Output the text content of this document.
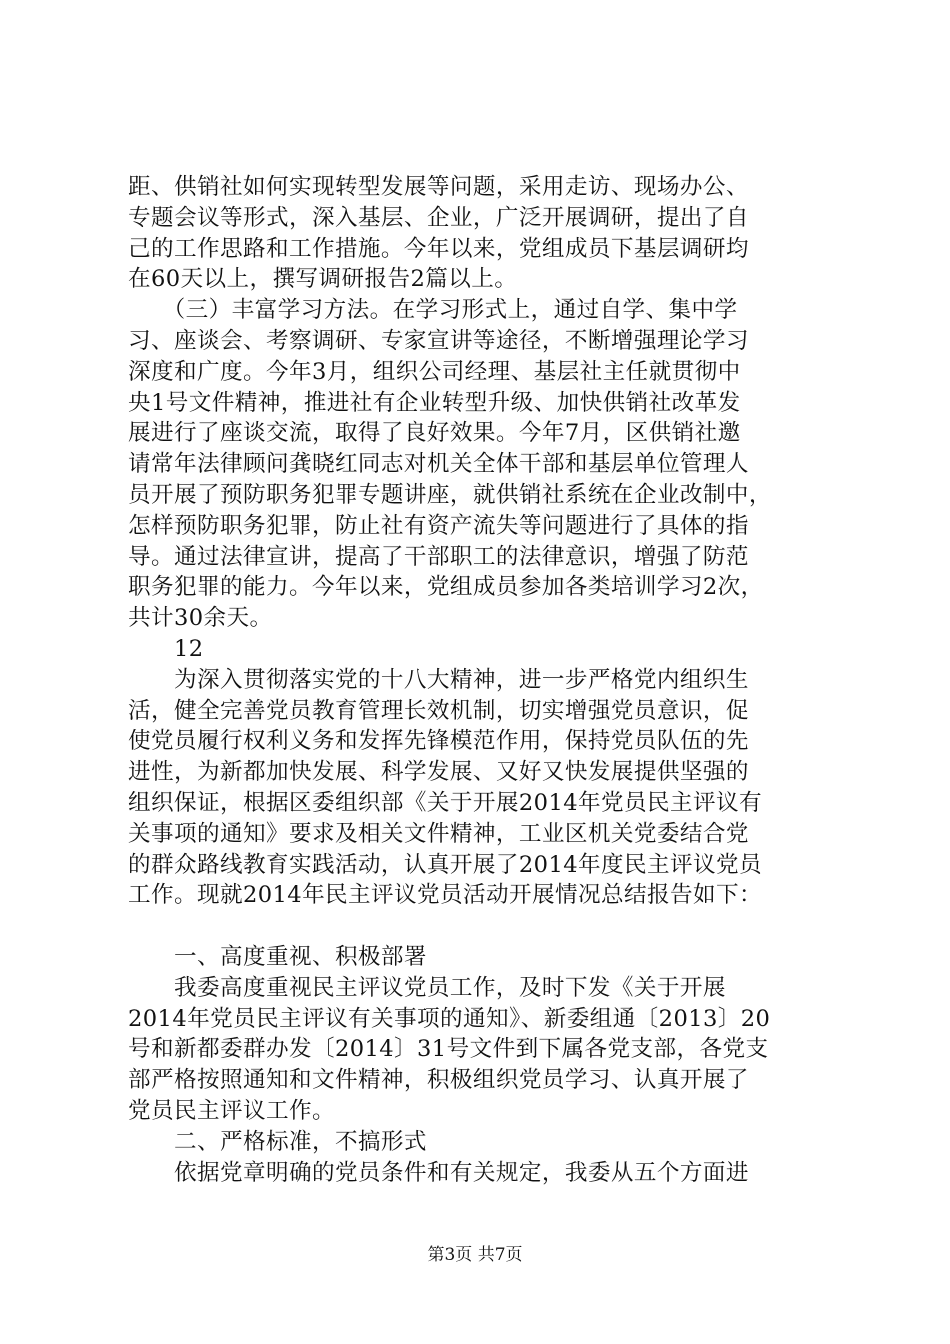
距、供销社如何实现转型发展等问题，采用走访、现场办公、
专题会议等形式，深入基层、企业，广泛开展调研，提出了自
己的工作思路和工作措施。今年以来，党组成员下基层调研均
在60天以上，撰写调研报告2篇以上。
　　（三）丰富学习方法。在学习形式上，通过自学、集中学
习、座谈会、考察调研、专家宣讲等途径，不断增强理论学习
深度和广度。今年3月，组织公司经理、基层社主任就贯彻中
央1号文件精神，推进社有企业转型升级、加快供销社改革发
展进行了座谈交流，取得了良好效果。今年7月，区供销社邀
请常年法律顾问龚晓红同志对机关全体干部和基层单位管理人
员开展了预防职务犯罪专题讲座，就供销社系统在企业改制中，
怎样预防职务犯罪，防止社有资产流失等问题进行了具体的指
导。通过法律宣讲，提高了干部职工的法律意识，增强了防范
职务犯罪的能力。今年以来，党组成员参加各类培训学习2次，
共计30余天。
　　12
　　为深入贯彻落实党的十八大精神，进一步严格党内组织生
活，健全完善党员教育管理长效机制，切实增强党员意识，促
使党员履行权利义务和发挥先锋模范作用，保持党员队伍的先
进性，为新都加快发展、科学发展、又好又快发展提供坚强的
组织保证，根据区委组织部《关于开展2014年党员民主评议有
关事项的通知》要求及相关文件精神，工业区机关党委结合党
的群众路线教育实践活动，认真开展了2014年度民主评议党员
工作。现就2014年民主评议党员活动开展情况总结报告如下：
　　一、高度重视、积极部署
　　我委高度重视民主评议党员工作，及时下发《关于开展
2014年党员民主评议有关事项的通知》、新委组通〔2013〕20
号和新都委群办发〔2014〕31号文件到下属各党支部，各党支
部严格按照通知和文件精神，积极组织党员学习、认真开展了
党员民主评议工作。
　　二、严格标准，不搞形式
　　依据党章明确的党员条件和有关规定，我委从五个方面进
第3页 共7页
